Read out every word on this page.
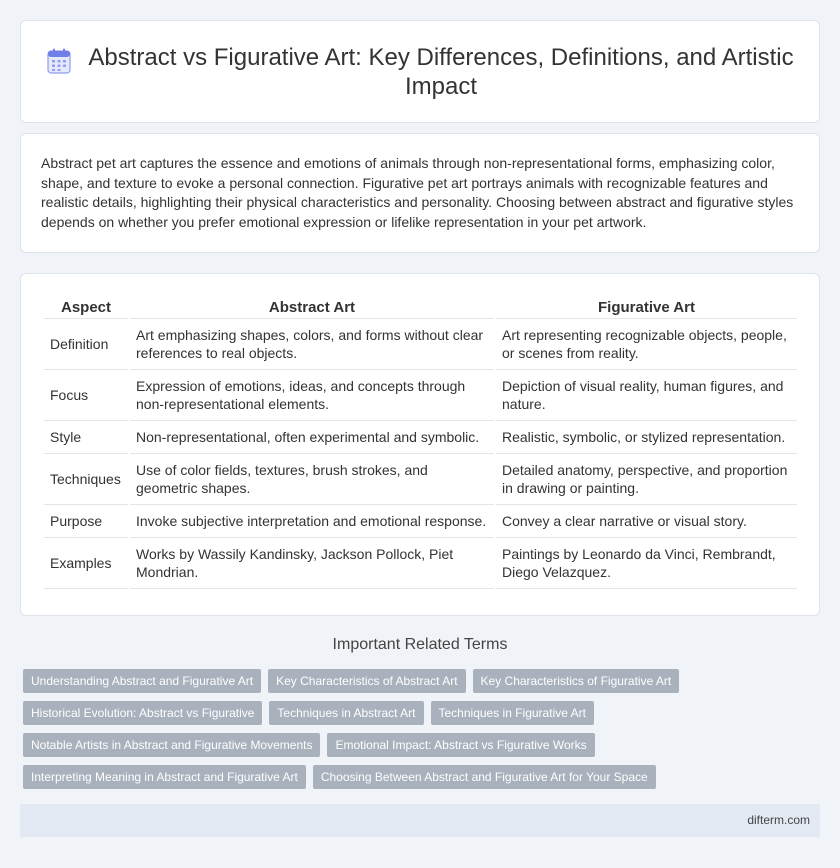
Abstract vs Figurative Art: Key Differences, Definitions, and Artistic Impact

Abstract pet art captures the essence and emotions of animals through non-representational forms, emphasizing color, shape, and texture to evoke a personal connection. Figurative pet art portrays animals with recognizable features and realistic details, highlighting their physical characteristics and personality. Choosing between abstract and figurative styles depends on whether you prefer emotional expression or lifelike representation in your pet artwork.

Aspect	Abstract Art	Figurative Art
Definition	Art emphasizing shapes, colors, and forms without clear references to real objects.	Art representing recognizable objects, people, or scenes from reality.
Focus	Expression of emotions, ideas, and concepts through non-representational elements.	Depiction of visual reality, human figures, and nature.
Style	Non-representational, often experimental and symbolic.	Realistic, symbolic, or stylized representation.
Techniques	Use of color fields, textures, brush strokes, and geometric shapes.	Detailed anatomy, perspective, and proportion in drawing or painting.
Purpose	Invoke subjective interpretation and emotional response.	Convey a clear narrative or visual story.
Examples	Works by Wassily Kandinsky, Jackson Pollock, Piet Mondrian.	Paintings by Leonardo da Vinci, Rembrandt, Diego Velazquez.
Important Related Terms
Understanding Abstract and Figurative Art	Key Characteristics of Abstract Art	Key Characteristics of Figurative Art
Historical Evolution: Abstract vs Figurative	Techniques in Abstract Art	Techniques in Figurative Art
Notable Artists in Abstract and Figurative Movements	Emotional Impact: Abstract vs Figurative Works
Interpreting Meaning in Abstract and Figurative Art	Choosing Between Abstract and Figurative Art for Your Space
difterm.com
